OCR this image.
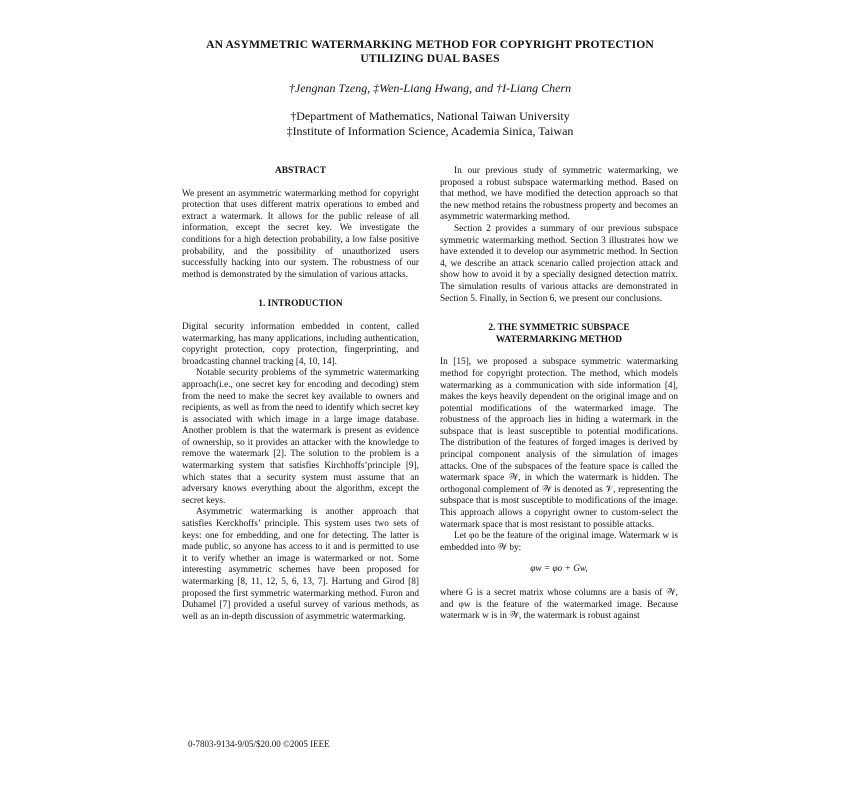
AN ASYMMETRIC WATERMARKING METHOD FOR COPYRIGHT PROTECTION
UTILIZING DUAL BASES
†Jengnan Tzeng, ‡Wen-Liang Hwang, and †I-Liang Chern
†Department of Mathematics, National Taiwan University
‡Institute of Information Science, Academia Sinica, Taiwan
ABSTRACT

We present an asymmetric watermarking method for copyright protection that uses different matrix operations to embed and extract a watermark. It allows for the public release of all information, except the secret key. We investigate the conditions for a high detection probability, a low false positive probability, and the possibility of unauthorized users successfully hacking into our system. The robustness of our method is demonstrated by the simulation of various attacks.

1. INTRODUCTION

Digital security information embedded in content, called watermarking, has many applications, including authentication, copyright protection, copy protection, fingerprinting, and broadcasting channel tracking [4, 10, 14].

Notable security problems of the symmetric watermarking approach(i.e., one secret key for encoding and decoding) stem from the need to make the secret key available to owners and recipients, as well as from the need to identify which secret key is associated with which image in a large image database. Another problem is that the watermark is present as evidence of ownership, so it provides an attacker with the knowledge to remove the watermark [2]. The solution to the problem is a watermarking system that satisfies Kirchhoffs’principle [9], which states that a security system must assume that an adversary knows everything about the algorithm, except the secret keys.

Asymmetric watermarking is another approach that satisfies Kerckhoffs’ principle. This system uses two sets of keys: one for embedding, and one for detecting. The latter is made public, so anyone has access to it and is permitted to use it to verify whether an image is watermarked or not. Some interesting asymmetric schemes have been proposed for watermarking [8, 11, 12, 5, 6, 13, 7]. Hartung and Girod [8] proposed the first symmetric watermarking method. Furon and Duhamel [7] provided a useful survey of various methods, as well as an in-depth discussion of asymmetric watermarking.

In our previous study of symmetric watermarking, we proposed a robust subspace watermarking method. Based on that method, we have modified the detection approach so that the new method retains the robustness property and becomes an asymmetric watermarking method.

Section 2 provides a summary of our previous subspace symmetric watermarking method. Section 3 illustrates how we have extended it to develop our asymmetric method. In Section 4, we describe an attack scenario called projection attack and show how to avoid it by a specially designed detection matrix. The simulation results of various attacks are demonstrated in Section 5. Finally, in Section 6, we present our conclusions.

2. THE SYMMETRIC SUBSPACE
WATERMARKING METHOD

In [15], we proposed a subspace symmetric watermarking method for copyright protection. The method, which models watermarking as a communication with side information [4], makes the keys heavily dependent on the original image and on potential modifications of the watermarked image. The robustness of the approach lies in hiding a watermark in the subspace that is least susceptible to potential modifications. The distribution of the features of forged images is derived by principal component analysis of the simulation of images attacks. One of the subspaces of the feature space is called the watermark space 𝒲, in which the watermark is hidden. The orthogonal complement of 𝒲 is denoted as 𝒱, representing the subspace that is most susceptible to modifications of the image. This approach allows a copyright owner to custom-select the watermark space that is most resistant to possible attacks.

Let φo be the feature of the original image. Watermark w is embedded into 𝒲 by:

φw = φo + Gw,

where G is a secret matrix whose columns are a basis of 𝒲, and φw is the feature of the watermarked image. Because watermark w is in 𝒲, the watermark is robust against

0-7803-9134-9/05/$20.00 ©2005 IEEE
